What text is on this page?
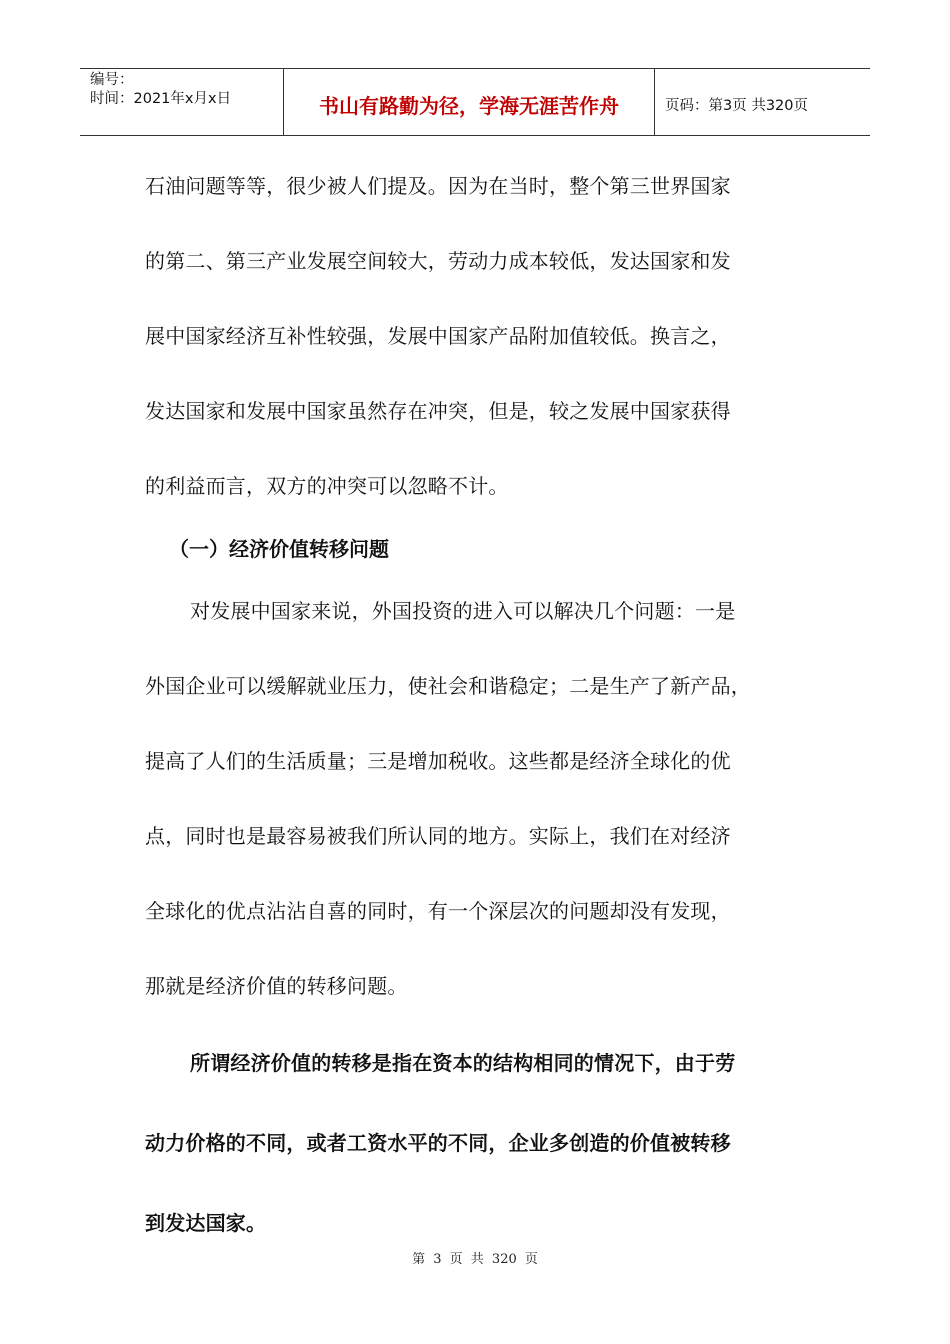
编号：
时间：2021年x月x日	书山有路勤为径，学海无涯苦作舟	页码：第3页 共320页
石油问题等等，很少被人们提及。因为在当时，整个第三世界国家
的第二、第三产业发展空间较大，劳动力成本较低，发达国家和发
展中国家经济互补性较强，发展中国家产品附加值较低。换言之，
发达国家和发展中国家虽然存在冲突，但是，较之发展中国家获得
的利益而言，双方的冲突可以忽略不计。
（一）经济价值转移问题
对发展中国家来说，外国投资的进入可以解决几个问题：一是
外国企业可以缓解就业压力，使社会和谐稳定；二是生产了新产品，
提高了人们的生活质量；三是增加税收。这些都是经济全球化的优
点，同时也是最容易被我们所认同的地方。实际上，我们在对经济
全球化的优点沾沾自喜的同时，有一个深层次的问题却没有发现，
那就是经济价值的转移问题。
所谓经济价值的转移是指在资本的结构相同的情况下，由于劳
动力价格的不同，或者工资水平的不同，企业多创造的价值被转移
到发达国家。
第 3 页 共 320 页
